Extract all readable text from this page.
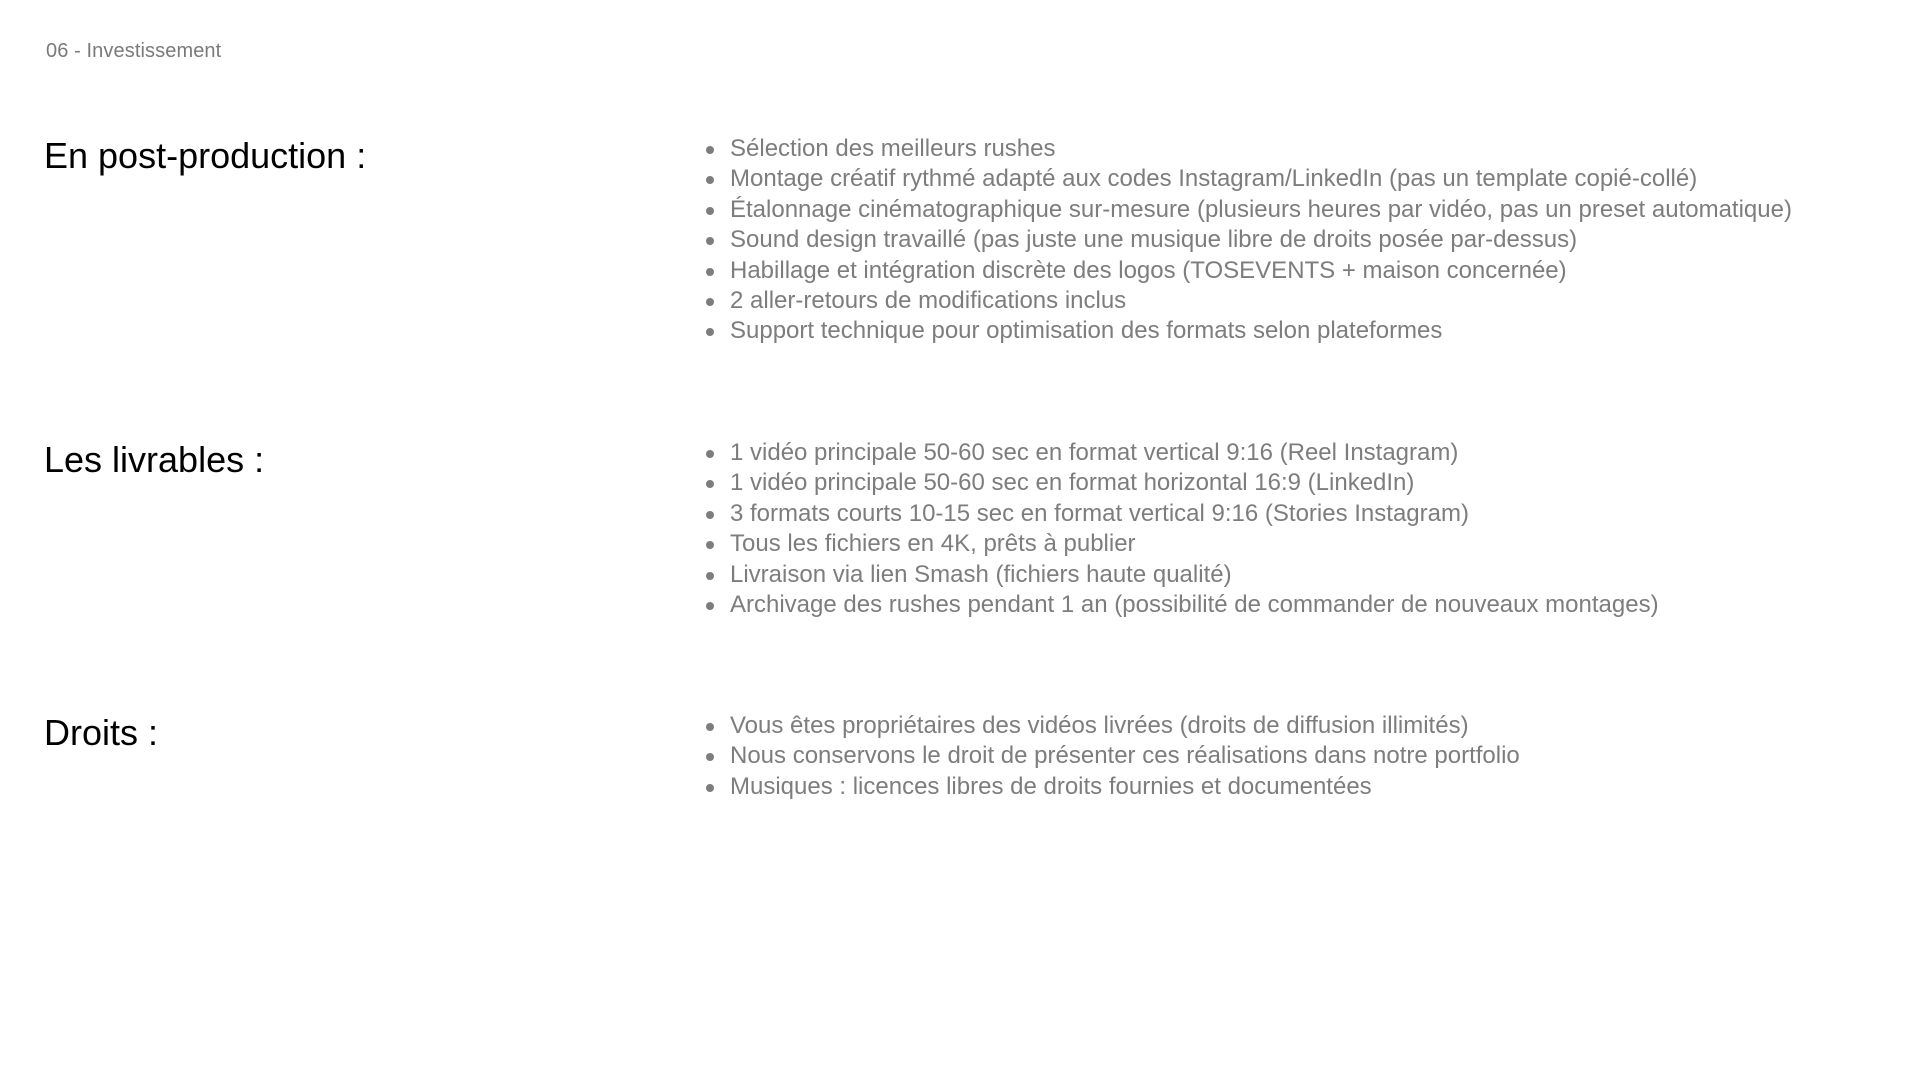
06 - Investissement
En post-production :	Sélection des meilleurs rushes
Montage créatif rythmé adapté aux codes Instagram/LinkedIn (pas un template copié-collé)
Étalonnage cinématographique sur-mesure (plusieurs heures par vidéo, pas un preset automatique)
Sound design travaillé (pas juste une musique libre de droits posée par-dessus)
Habillage et intégration discrète des logos (TOSEVENTS + maison concernée)
2 aller-retours de modifications inclus
Support technique pour optimisation des formats selon plateformes
Les livrables :	1 vidéo principale 50-60 sec en format vertical 9:16 (Reel Instagram)
1 vidéo principale 50-60 sec en format horizontal 16:9 (LinkedIn)
3 formats courts 10-15 sec en format vertical 9:16 (Stories Instagram)
Tous les fichiers en 4K, prêts à publier
Livraison via lien Smash (fichiers haute qualité)
Archivage des rushes pendant 1 an (possibilité de commander de nouveaux montages)
Droits :	Vous êtes propriétaires des vidéos livrées (droits de diffusion illimités)
Nous conservons le droit de présenter ces réalisations dans notre portfolio
Musiques : licences libres de droits fournies et documentées
